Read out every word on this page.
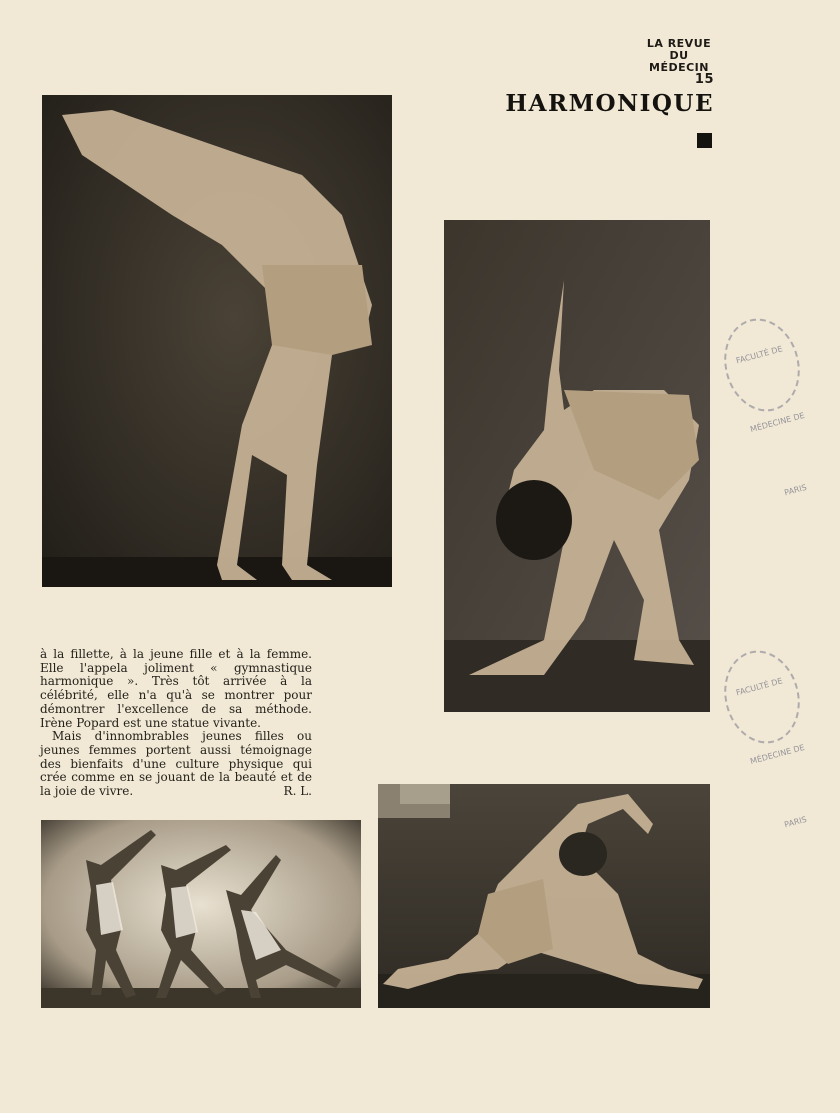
LA REVUE
DU
MÉDECIN
15
HARMONIQUE

à la fillette, à la jeune fille et à la femme. Elle l'appela joliment « gymnastique harmonique ». Très tôt arrivée à la célébrité, elle n'a qu'à se montrer pour démontrer l'excellence de sa méthode. Irène Popard est une statue vivante.

Mais d'innombrables jeunes filles ou jeunes femmes portent aussi témoignage des bienfaits d'une culture physique qui crée comme en se jouant de la beauté et de la joie de vivre.	R. L.

FACULTÉ DE MÉDECINE DE PARIS
FACULTÉ DE MÉDECINE DE PARIS
